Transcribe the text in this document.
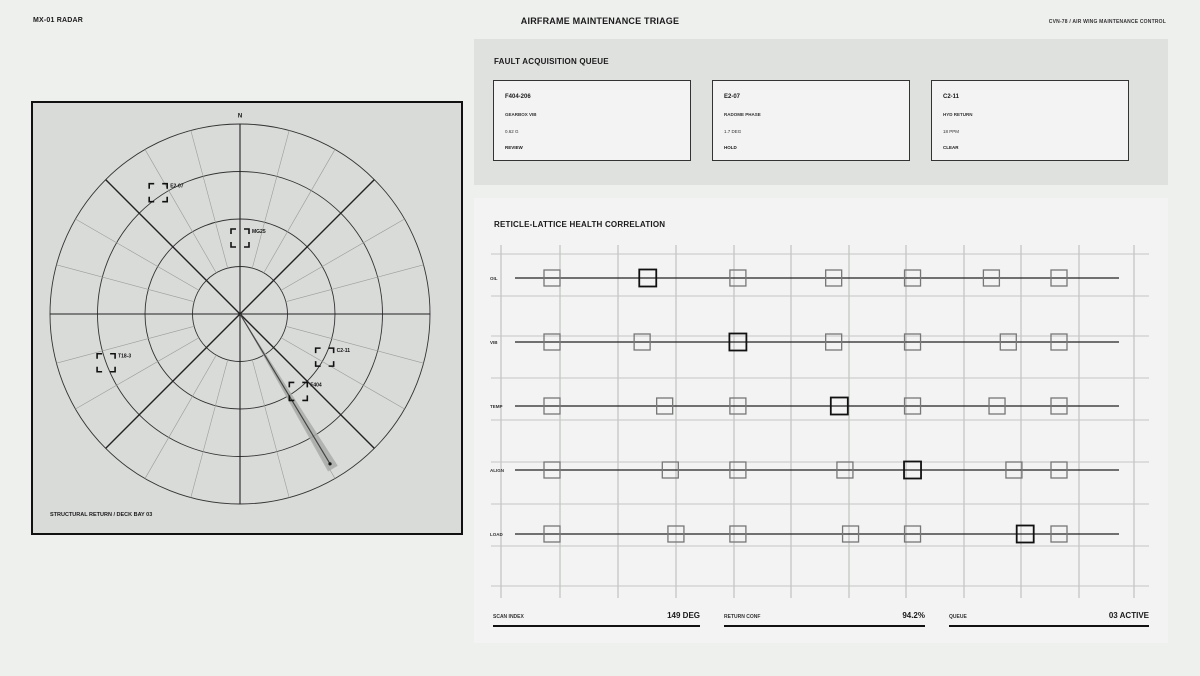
MX-01 RADAR	AIRFRAME MAINTENANCE TRIAGE	CVN-78 / AIR WING MAINTENANCE CONTROL
N
E2-07
MG25
C2-11
F404
T18-3
STRUCTURAL RETURN / DECK BAY 03
FAULT ACQUISITION QUEUE
F404-206
GEARBOX VIB
0.62 G
REVIEW
E2-07
RADOME PHASE
1.7 DEG
HOLD
C2-11
HYD RETURN
18 PPM
CLEAR
RETICLE-LATTICE HEALTH CORRELATION
OIL
VIB
TEMP
ALIGN
LOAD
SCAN INDEX	149 DEG	RETURN CONF	94.2%	QUEUE	03 ACTIVE
